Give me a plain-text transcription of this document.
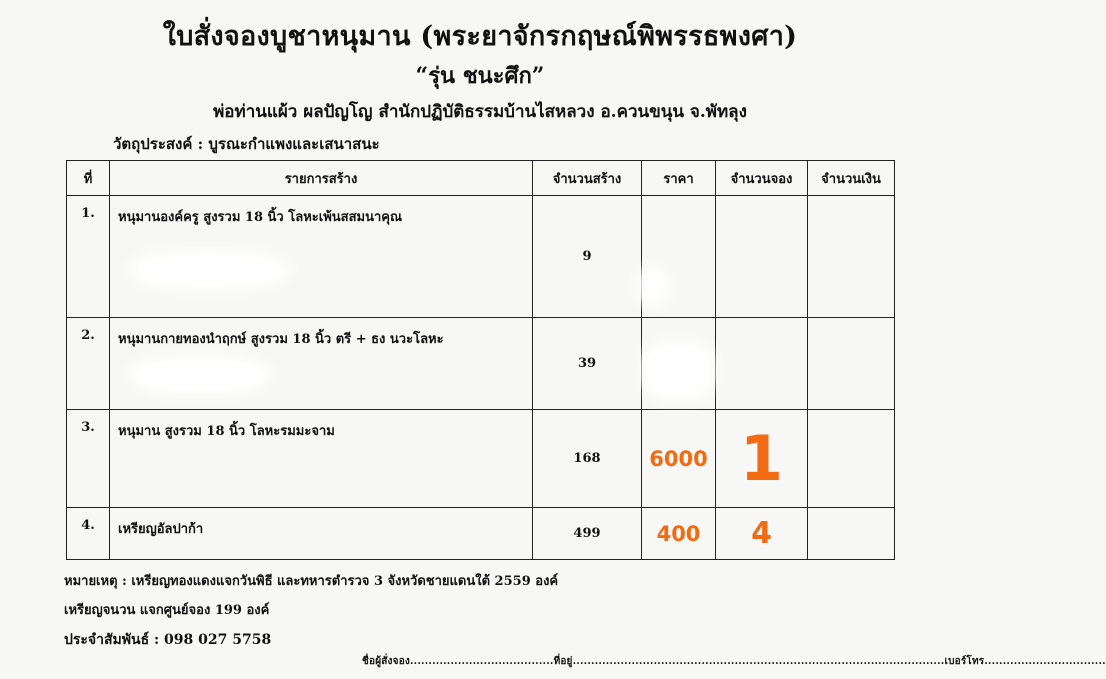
ใบสั่งจองบูชาหนุมาน (พระยาจักรกฤษณ์พิพรรธพงศา)
“รุ่น ชนะศึก”
พ่อท่านแผ้ว ผลปัญโญ สำนักปฏิบัติธรรมบ้านไสหลวง อ.ควนขนุน จ.พัทลุง
วัตถุประสงค์ : บูรณะกำแพงและเสนาสนะ
ที่	รายการสร้าง	จำนวนสร้าง	ราคา	จำนวนจอง	จำนวนเงิน
1.	หนุมานองค์ครู สูงรวม 18 นิ้ว โลหะเพ้นสสมนาคุณ	9			
2.	หนุมานกายทองนำฤกษ์ สูงรวม 18 นิ้ว ตรี + ธง นวะโลหะ	39			
3.	หนุมาน สูงรวม 18 นิ้ว โลหะรมมะจาม	168	6000	1	
4.	เหรียญอัลปาก้า	499	400	4	
หมายเหตุ : เหรียญทองแดงแจกวันพิธี และทหารตำรวจ 3 จังหวัดชายแดนใต้ 2559 องค์
เหรียญจนวน แจกศูนย์จอง 199 องค์
ประจำสัมพันธ์ : 098 027 5758
ชื่อผู้สั่งจอง.......................................ที่อยู่.....................................................................................................เบอร์โทร.................................
